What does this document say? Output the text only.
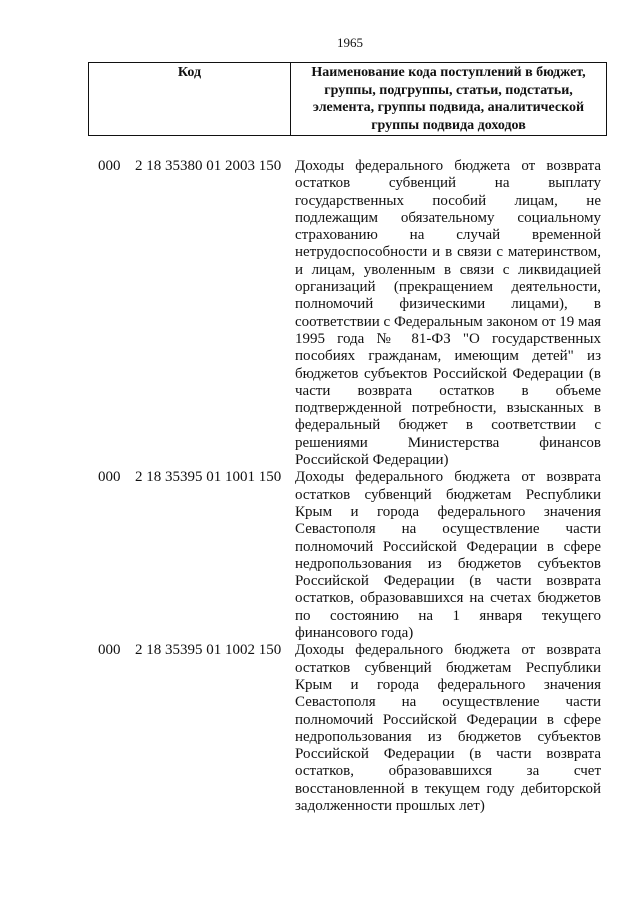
1965
Код	Наименование кода поступлений в бюджет, группы, подгруппы, статьи, подстатьи, элемента, группы подвида, аналитической группы подвида доходов
000 2 18 35380 01 2003 150 Доходы федерального бюджета от возврата остатков субвенций на выплату государственных пособий лицам, не подлежащим обязательному социальному страхованию на случай временной нетрудоспособности и в связи с материнством, и лицам, уволенным в связи с ликвидацией организаций (прекращением деятельности, полномочий физическими лицами), в соответствии с Федеральным законом от 19 мая 1995 года № 81-ФЗ "О государственных пособиях гражданам, имеющим детей" из бюджетов субъектов Российской Федерации (в части возврата остатков в объеме подтвержденной потребности, взысканных в федеральный бюджет в соответствии с решениями Министерства финансов Российской Федерации)
000 2 18 35395 01 1001 150 Доходы федерального бюджета от возврата остатков субвенций бюджетам Республики Крым и города федерального значения Севастополя на осуществление части полномочий Российской Федерации в сфере недропользования из бюджетов субъектов Российской Федерации (в части возврата остатков, образовавшихся на счетах бюджетов по состоянию на 1 января текущего финансового года)
000 2 18 35395 01 1002 150 Доходы федерального бюджета от возврата остатков субвенций бюджетам Республики Крым и города федерального значения Севастополя на осуществление части полномочий Российской Федерации в сфере недропользования из бюджетов субъектов Российской Федерации (в части возврата остатков, образовавшихся за счет восстановленной в текущем году дебиторской задолженности прошлых лет)
